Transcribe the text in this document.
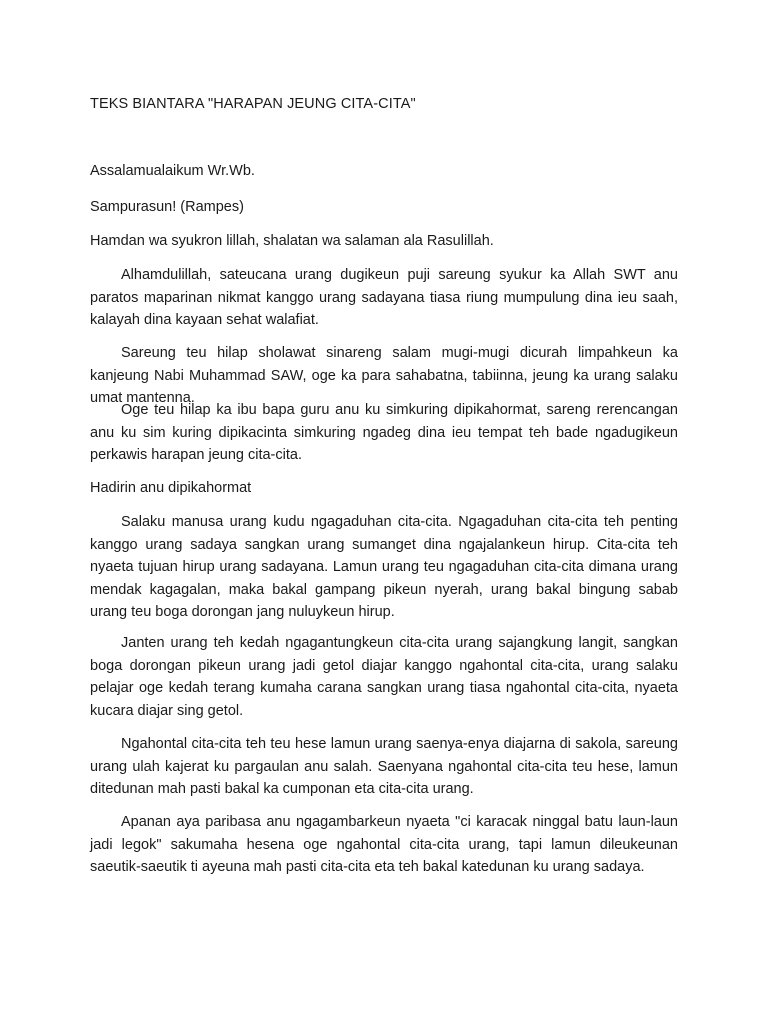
TEKS BIANTARA "HARAPAN JEUNG CITA-CITA"

Assalamualaikum Wr.Wb.

Sampurasun! (Rampes)

Hamdan wa syukron lillah, shalatan wa salaman ala Rasulillah.

Alhamdulillah, sateucana urang dugikeun puji sareung syukur ka Allah SWT anu paratos maparinan nikmat kanggo urang sadayana tiasa riung mumpulung dina ieu saah, kalayah dina kayaan sehat walafiat.

Sareung teu hilap sholawat sinareng salam mugi-mugi dicurah limpahkeun ka kanjeung Nabi Muhammad SAW, oge ka para sahabatna, tabiinna, jeung ka urang salaku umat mantenna.

Oge teu hilap ka ibu bapa guru anu ku simkuring dipikahormat, sareng rerencangan anu ku sim kuring dipikacinta simkuring ngadeg dina ieu tempat teh bade ngadugikeun perkawis harapan jeung cita-cita.

Hadirin anu dipikahormat

Salaku manusa urang kudu ngagaduhan cita-cita. Ngagaduhan cita-cita teh penting kanggo urang sadaya sangkan urang sumanget dina ngajalankeun hirup. Cita-cita teh nyaeta tujuan hirup urang sadayana. Lamun urang teu ngagaduhan cita-cita dimana urang mendak kagagalan, maka bakal gampang pikeun nyerah, urang bakal bingung sabab urang teu boga dorongan jang nuluykeun hirup.

Janten urang teh kedah ngagantungkeun cita-cita urang sajangkung langit, sangkan boga dorongan pikeun urang jadi getol diajar kanggo ngahontal cita-cita, urang salaku pelajar oge kedah terang kumaha carana sangkan urang tiasa ngahontal cita-cita, nyaeta kucara diajar sing getol.

Ngahontal cita-cita teh teu hese lamun urang saenya-enya diajarna di sakola, sareung urang ulah kajerat ku pargaulan anu salah. Saenyana ngahontal cita-cita teu hese, lamun ditedunan mah pasti bakal ka cumponan eta cita-cita urang.

Apanan aya paribasa anu ngagambarkeun nyaeta "ci karacak ninggal batu laun-laun jadi legok" sakumaha hesena oge ngahontal cita-cita urang, tapi lamun dileukeunan saeutik-saeutik ti ayeuna mah pasti cita-cita eta teh bakal katedunan ku urang sadaya.
